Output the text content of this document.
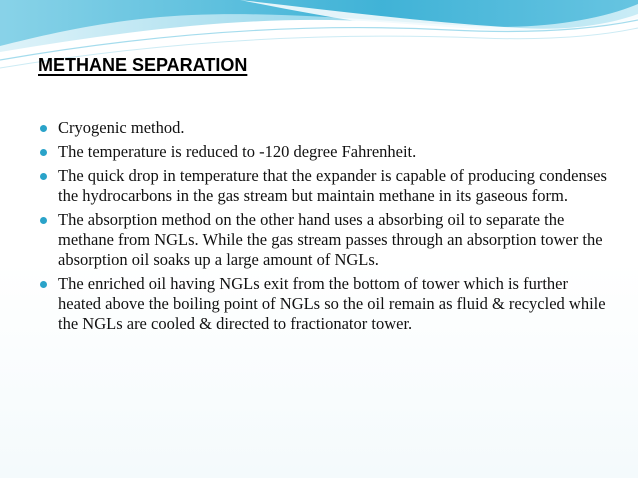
METHANE SEPARATION
Cryogenic method.
The temperature is reduced to -120 degree Fahrenheit.
The quick drop in temperature that the expander is capable of producing condenses the hydrocarbons in the gas stream but maintain methane in its gaseous form.
The absorption method on the other hand uses a absorbing oil to separate the methane from NGLs. While the gas stream passes through an absorption tower the absorption oil soaks up a large amount of NGLs.
The enriched oil having NGLs exit from the bottom of tower which is further heated above the boiling point of NGLs so the oil remain as fluid & recycled while the NGLs are cooled & directed to fractionator tower.
